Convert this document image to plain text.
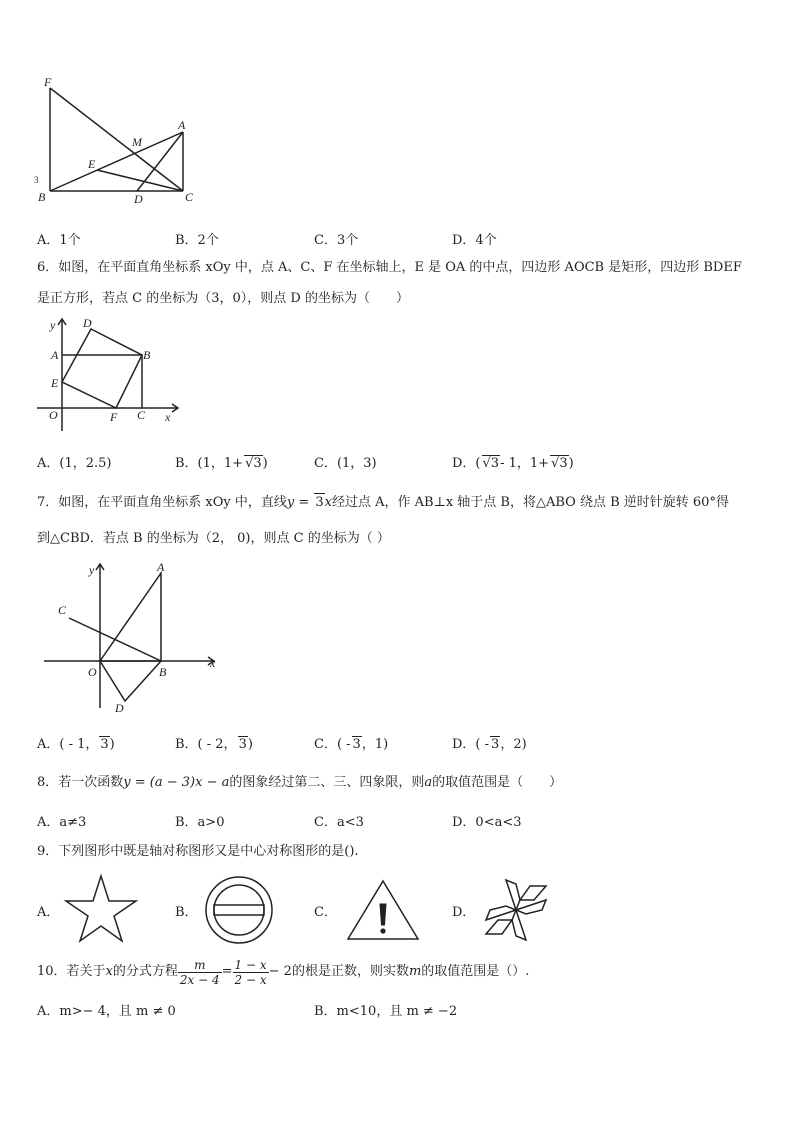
F
M
A
E
B	D	C
3
A．1个	B．2个	C．3个	D．4个
6．如图，在平面直角坐标系 xOy 中，点 A、C、F 在坐标轴上，E 是 OA 的中点，四边形 AOCB 是矩形，四边形 BDEF
是正方形，若点 C 的坐标为（3，0），则点 D 的坐标为（　　）
y D
A	B
E
O	F C x
A．(1，2.5)	B．(1，1+ √3)	C．(1，3)	D．( √3- 1，1+ √3)
7．如图，在平面直角坐标系 xOy 中，直线y = 3x经过点 A，作 AB⊥x 轴于点 B，将△ABO 绕点 B 逆时针旋转 60°得
到△CBD．若点 B 的坐标为（2， 0)，则点 C 的坐标为（ ）
y	A
C
O	B
x
D
A．( - 1， 3)	B．( - 2， 3)	C．( - 3，1)	D．( - 3，2)
8．若一次函数y = (a − 3)x − a的图象经过第二、三、四象限，则a的取值范围是（　　）
A．a≠3	B．a>0	C．a<3	D．0<a<3
9．下列图形中既是轴对称图形又是中心对称图形的是().
A．	B．	C．	D．
10．若关于 x 的分式方程 $\frac{m}{2x - 4} = \frac{1 - x}{2 - x} - 2$ 的根是正数，则实数 m 的取值范围是（）.
A．m>− 4，且 m ≠ 0	B．m<10，且 m ≠ −2
